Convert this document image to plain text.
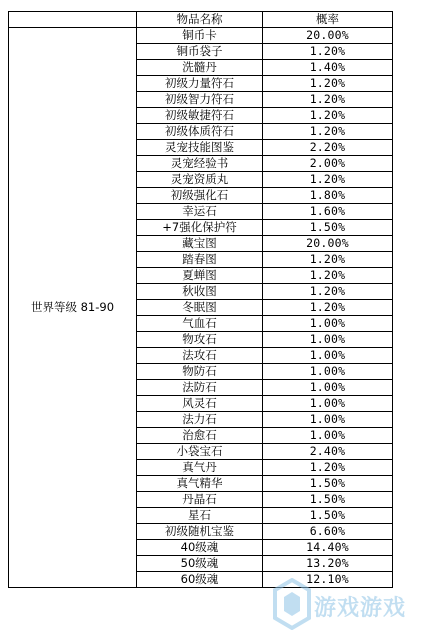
	物品名称	概率
世界等级 81-90	铜币卡	20.00%
	铜币袋子	1.20%
	洗髓丹	1.40%
	初级力量符石	1.20%
	初级智力符石	1.20%
	初级敏捷符石	1.20%
	初级体质符石	1.20%
	灵宠技能图鉴	2.20%
	灵宠经验书	2.00%
	灵宠资质丸	1.20%
	初级强化石	1.80%
	幸运石	1.60%
	+7强化保护符	1.50%
	藏宝图	20.00%
	踏春图	1.20%
	夏蝉图	1.20%
	秋收图	1.20%
	冬眠图	1.20%
	气血石	1.00%
	物攻石	1.00%
	法攻石	1.00%
	物防石	1.00%
	法防石	1.00%
	风灵石	1.00%
	法力石	1.00%
	治愈石	1.00%
	小袋宝石	2.40%
	真气丹	1.20%
	真气精华	1.50%
	丹晶石	1.50%
	星石	1.50%
	初级随机宝鉴	6.60%
	40级魂	14.40%
	50级魂	13.20%
	60级魂	12.10%
游戏游戏
